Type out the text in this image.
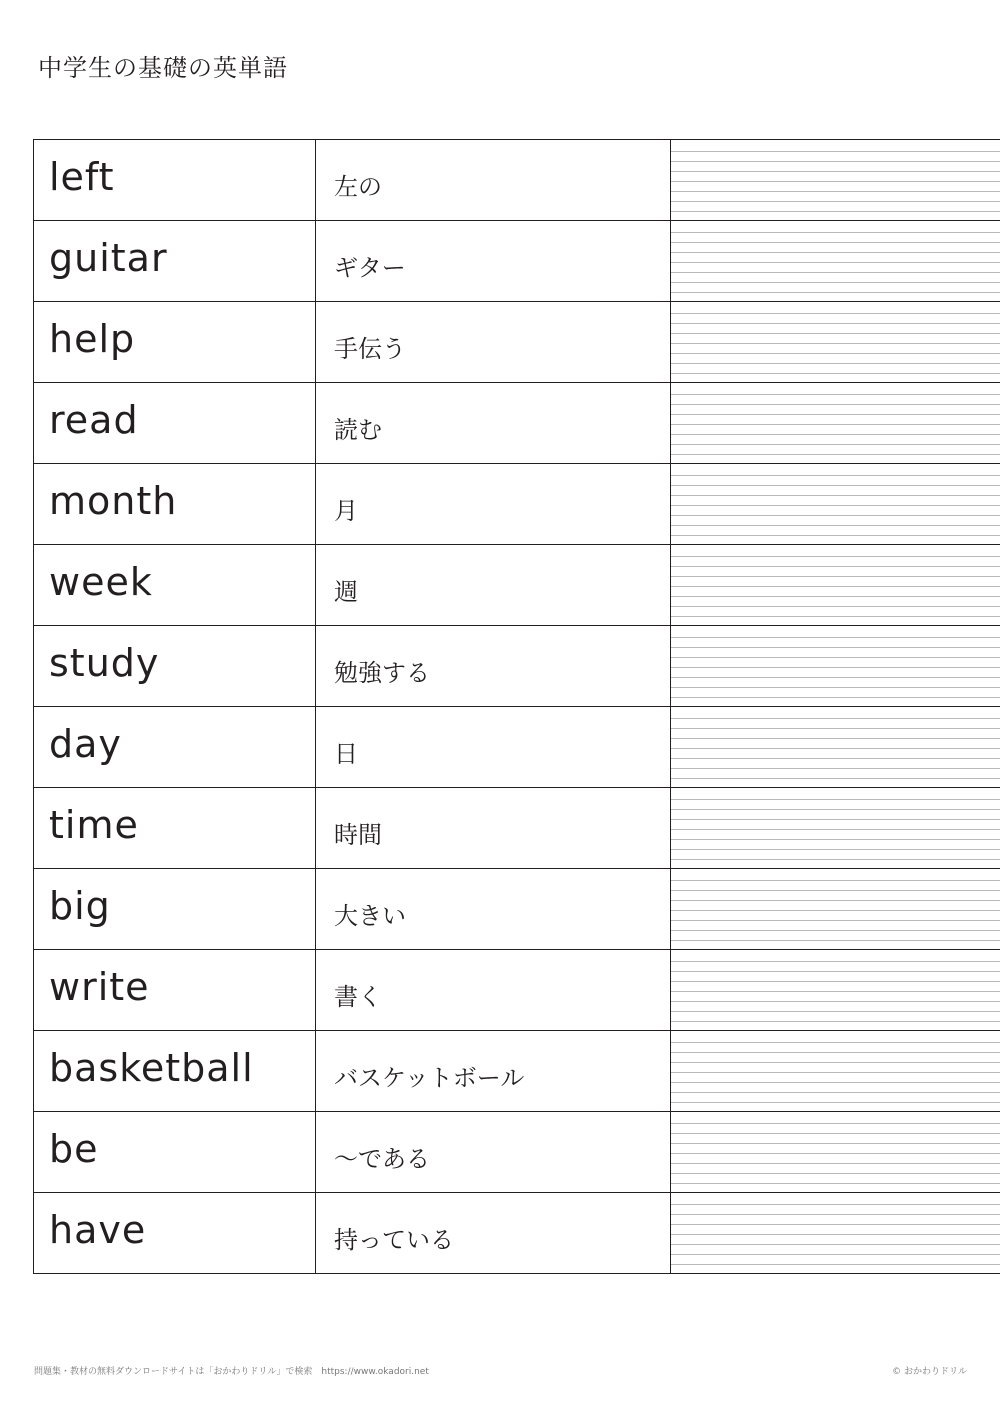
中学生の基礎の英単語
left	左の	

guitar	ギター	

help	手伝う	

read	読む	

month	月	

week	週	

study	勉強する	

day	日	

time	時間	

big	大きい	

write	書く	

basketball	バスケットボール	

be	～である	

have	持っている	

問題集・教材の無料ダウンロードサイトは「おかわりドリル」で検索　https://www.okadori.net	© おかわりドリル
